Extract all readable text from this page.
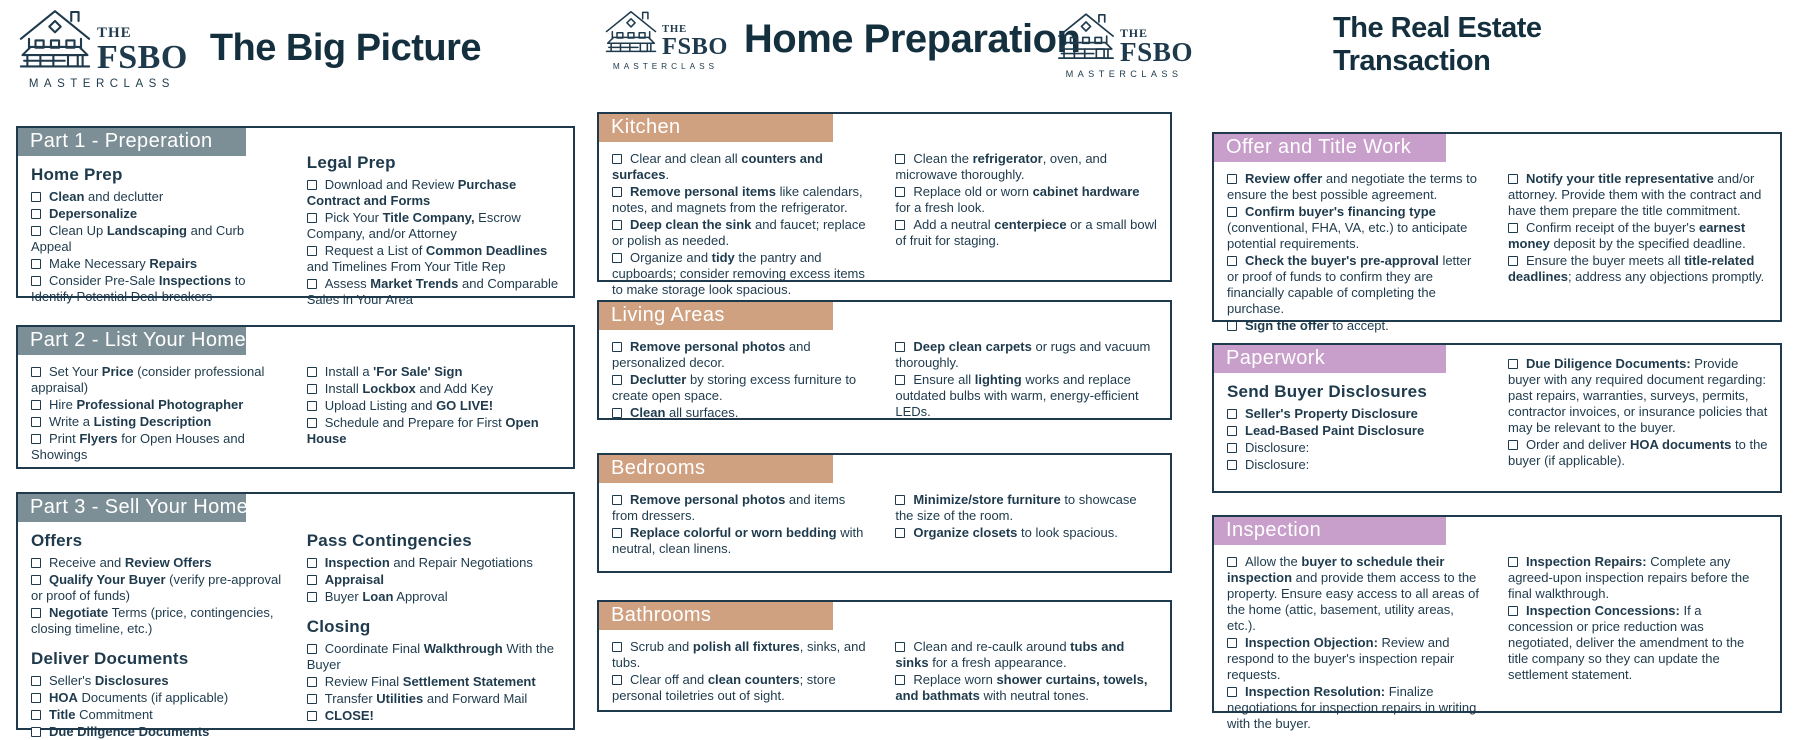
THE
FSBO
MASTERCLASS
The Big Picture
Part 1 - Preperation
Home Prep
Clean and declutter
Depersonalize
Clean Up Landscaping and Curb Appeal
Make Necessary Repairs
Consider Pre-Sale Inspections to Identify Potential Deal-breakers
Legal Prep
Download and Review Purchase Contract and Forms
Pick Your Title Company, Escrow Company, and/or Attorney
Request a List of Common Deadlines and Timelines From Your Title Rep
Assess Market Trends and Comparable Sales in Your Area
Part 2 - List Your Home
Set Your Price (consider professional appraisal)
Hire Professional Photographer
Write a Listing Description
Print Flyers for Open Houses and Showings
Install a 'For Sale' Sign
Install Lockbox and Add Key
Upload Listing and GO LIVE!
Schedule and Prepare for First Open House
Part 3 - Sell Your Home
Offers
Receive and Review Offers
Qualify Your Buyer (verify pre-approval or proof of funds)
Negotiate Terms (price, contingencies, closing timeline, etc.)
Deliver Documents
Seller's Disclosures
HOA Documents (if applicable)
Title Commitment
Due Diligence Documents
Pass Contingencies
Inspection and Repair Negotiations
Appraisal
Buyer Loan Approval
Closing
Coordinate Final Walkthrough With the Buyer
Review Final Settlement Statement
Transfer Utilities and Forward Mail
CLOSE!
THE
FSBO
MASTERCLASS
Home Preparation
Kitchen
Clear and clean all counters and surfaces.
Remove personal items like calendars, notes, and magnets from the refrigerator.
Deep clean the sink and faucet; replace or polish as needed.
Organize and tidy the pantry and cupboards; consider removing excess items to make storage look spacious.
Clean the refrigerator, oven, and microwave thoroughly.
Replace old or worn cabinet hardware for a fresh look.
Add a neutral centerpiece or a small bowl of fruit for staging.
Living Areas
Remove personal photos and personalized decor.
Declutter by storing excess furniture to create open space.
Clean all surfaces.
Deep clean carpets or rugs and vacuum thoroughly.
Ensure all lighting works and replace outdated bulbs with warm, energy-efficient LEDs.
Bedrooms
Remove personal photos and items from dressers.
Replace colorful or worn bedding with neutral, clean linens.
Minimize/store furniture to showcase the size of the room.
Organize closets to look spacious.
Bathrooms
Scrub and polish all fixtures, sinks, and tubs.
Clear off and clean counters; store personal toiletries out of sight.
Clean and re-caulk around tubs and sinks for a fresh appearance.
Replace worn shower curtains, towels, and bathmats with neutral tones.
THE
FSBO
MASTERCLASS
The Real Estate
Transaction
Offer and Title Work
Review offer and negotiate the terms to ensure the best possible agreement.
Confirm buyer's financing type (conventional, FHA, VA, etc.) to anticipate potential requirements.
Check the buyer's pre-approval letter or proof of funds to confirm they are financially capable of completing the purchase.
Sign the offer to accept.
Notify your title representative and/or attorney. Provide them with the contract and have them prepare the title commitment.
Confirm receipt of the buyer's earnest money deposit by the specified deadline.
Ensure the buyer meets all title-related deadlines; address any objections promptly.
Paperwork
Send Buyer Disclosures
Seller's Property Disclosure
Lead-Based Paint Disclosure
Disclosure:
Disclosure:
Due Diligence Documents: Provide buyer with any required document regarding: past repairs, warranties, surveys, permits, contractor invoices, or insurance policies that may be relevant to the buyer.
Order and deliver HOA documents to the buyer (if applicable).
Inspection
Allow the buyer to schedule their inspection and provide them access to the property. Ensure easy access to all areas of the home (attic, basement, utility areas, etc.).
Inspection Objection: Review and respond to the buyer's inspection repair requests.
Inspection Resolution: Finalize negotiations for inspection repairs in writing with the buyer.
Inspection Repairs: Complete any agreed-upon inspection repairs before the final walkthrough.
Inspection Concessions: If a concession or price reduction was negotiated, deliver the amendment to the title company so they can update the settlement statement.
